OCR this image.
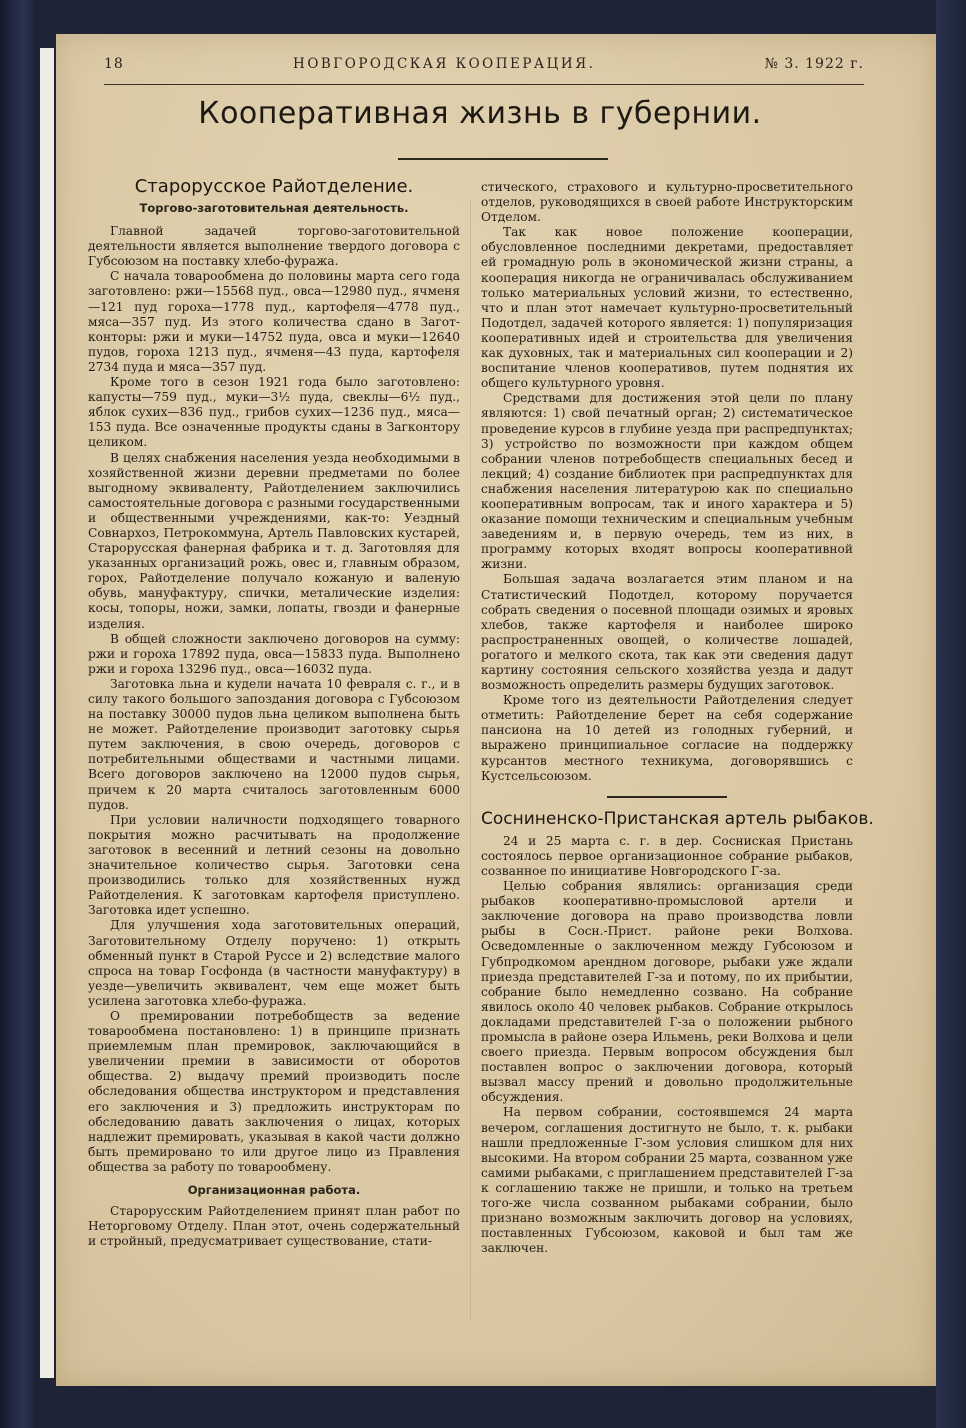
18	НОВГОРОДСКАЯ КООПЕРАЦИЯ.	№ 3. 1922 г.
Кооперативная жизнь в губернии.
Старорусское Райотделение.
Торгово-заготовительная деятельность.

Главной задачей торгово-заготовительной деятельности является выполнение твердого договора с Губсоюзом на поставку хлебо-фуража.

С начала товарообмена до половины марта сего года заготовлено: ржи—15568 пуд., овса—12980 пуд., ячменя—121 пуд гороха—1778 пуд., картофеля—4778 пуд., мяса—357 пуд. Из этого количества сдано в Загот-конторы: ржи и муки—14752 пуда, овса и муки—12640 пудов, гороха 1213 пуд., ячменя—43 пуда, картофеля 2734 пуда и мяса—357 пуд.

Кроме того в сезон 1921 года было заготовлено: капусты—759 пуд., муки—3½ пуда, свеклы—6½ пуд., яблок сухих—836 пуд., грибов сухих—1236 пуд., мяса—153 пуда. Все означенные продукты сданы в Загконтору целиком.

В целях снабжения населения уезда необходимыми в хозяйственной жизни деревни предметами по более выгодному эквиваленту, Райотделением заключились самостоятельные договора с разными государственными и общественными учреждениями, как-то: Уездный Совнархоз, Петрокоммуна, Артель Павловских кустарей, Старорусская фанерная фабрика и т. д. Заготовляя для указанных организаций рожь, овес и, главным образом, горох, Райотделение получало кожаную и валеную обувь, мануфактуру, спички, металические изделия: косы, топоры, ножи, замки, лопаты, гвозди и фанерные изделия.

В общей сложности заключено договоров на сумму: ржи и гороха 17892 пуда, овса—15833 пуда. Выполнено ржи и гороха 13296 пуд., овса—16032 пуда.

Заготовка льна и кудели начата 10 февраля с. г., и в силу такого большого запоздания договора с Губсоюзом на поставку 30000 пудов льна целиком выполнена быть не может. Райотделение производит заготовку сырья путем заключения, в свою очередь, договоров с потребительными обществами и частными лицами. Всего договоров заключено на 12000 пудов сырья, причем к 20 марта считалось заготовленным 6000 пудов.

При условии наличности подходящего товарного покрытия можно расчитывать на продолжение заготовок в весенний и летний сезоны на довольно значительное количество сырья. Заготовки сена производились только для хозяйственных нужд Райотделения. К заготовкам картофеля приступлено. Заготовка идет успешно.

Для улучшения хода заготовительных операций, Заготовительному Отделу поручено: 1) открыть обменный пункт в Старой Руссе и 2) вследствие малого спроса на товар Госфонда (в частности мануфактуру) в уезде—увеличить эквивалент, чем еще может быть усилена заготовка хлебо-фуража.

О премировании потребобществ за ведение товарообмена постановлено: 1) в принципе признать приемлемым план премировок, заключающийся в увеличении премии в зависимости от оборотов общества. 2) выдачу премий производить после обследования общества инструктором и представления его заключения и 3) предложить инструкторам по обследованию давать заключения о лицах, которых надлежит премировать, указывая в какой части должно быть премировано то или другое лицо из Правления общества за работу по товарообмену.

Организационная работа.

Старорусским Райотделением принят план работ по Неторговому Отделу. План этот, очень содержательный и стройный, предусматривает существование, стати-

стического, страхового и культурно-просветительного отделов, руководящихся в своей работе Инструкторским Отделом.

Так как новое положение кооперации, обусловленное последними декретами, предоставляет ей громадную роль в экономической жизни страны, а кооперация никогда не ограничивалась обслуживанием только материальных условий жизни, то естественно, что и план этот намечает культурно-просветительный Подотдел, задачей которого является: 1) популяризация кооперативных идей и строительства для увеличения как духовных, так и материальных сил кооперации и 2) воспитание членов кооперативов, путем поднятия их общего культурного уровня.

Средствами для достижения этой цели по плану являются: 1) свой печатный орган; 2) систематическое проведение курсов в глубине уезда при распредпунктах; 3) устройство по возможности при каждом общем собрании членов потребобществ специальных бесед и лекций; 4) создание библиотек при распредпунктах для снабжения населения литературою как по специально кооперативным вопросам, так и иного характера и 5) оказание помощи техническим и специальным учебным заведениям и, в первую очередь, тем из них, в программу которых входят вопросы кооперативной жизни.

Большая задача возлагается этим планом и на Статистический Подотдел, которому поручается собрать сведения о посевной площади озимых и яровых хлебов, также картофеля и наиболее широко распространенных овощей, о количестве лошадей, рогатого и мелкого скота, так как эти сведения дадут картину состояния сельского хозяйства уезда и дадут возможность определить размеры будущих заготовок.

Кроме того из деятельности Райотделения следует отметить: Райотделение берет на себя содержание пансиона на 10 детей из голодных губерний, и выражено принципиальное согласие на поддержку курсантов местного техникума, договорявшись с Кустсельсоюзом.

Сосниненско-Пристанская артель рыбаков.

24 и 25 марта с. г. в дер. Сосниская Пристань состоялось первое организационное собрание рыбаков, созванное по инициативе Новгородского Г-за.

Целью собрания являлись: организация среди рыбаков кооперативно-промысловой артели и заключение договора на право производства ловли рыбы в Сосн.-Прист. районе реки Волхова. Осведомленные о заключенном между Губсоюзом и Губпродкомом арендном договоре, рыбаки уже ждали приезда представителей Г-за и потому, по их прибытии, собрание было немедленно созвано. На собрание явилось около 40 человек рыбаков. Собрание открылось докладами представителей Г-за о положении рыбного промысла в районе озера Ильмень, реки Волхова и цели своего приезда. Первым вопросом обсуждения был поставлен вопрос о заключении договора, который вызвал массу прений и довольно продолжительные обсуждения.

На первом собрании, состоявшемся 24 марта вечером, соглашения достигнуто не было, т. к. рыбаки нашли предложенные Г-зом условия слишком для них высокими. На втором собрании 25 марта, созванном уже самими рыбаками, с приглашением представителей Г-за к соглашению также не пришли, и только на третьем того-же числа созванном рыбаками собрании, было признано возможным заключить договор на условиях, поставленных Губсоюзом, каковой и был там же заключен.
